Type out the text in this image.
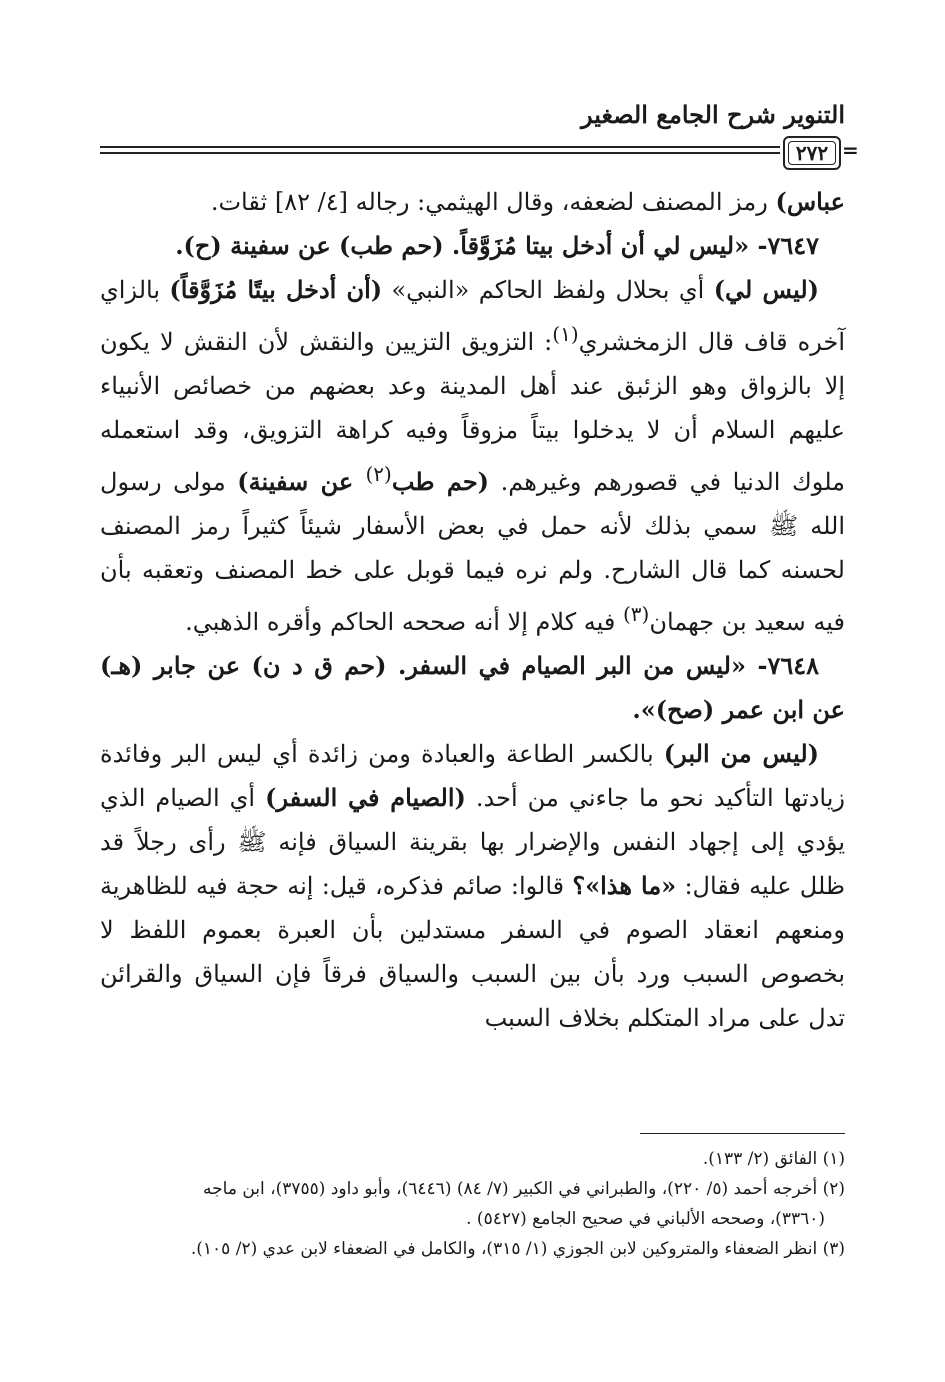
التنوير شرح الجامع الصغير
٢٧٢ =

عباس) رمز المصنف لضعفه، وقال الهيثمي: رجاله [٤/ ٨٢] ثقات.

٧٦٤٧- «ليس لي أن أدخل بيتا مُزَوَّقاً. (حم طب) عن سفينة (ح).

(ليس لي) أي بحلال ولفظ الحاكم «النبي» (أن أدخل بيتًا مُزَوَّقاً) بالزاي آخره قاف قال الزمخشري$^{(١)}$: التزويق التزيين والنقش لأن النقش لا يكون إلا بالزواق وهو الزئبق عند أهل المدينة وعد بعضهم من خصائص الأنبياء عليهم السلام أن لا يدخلوا بيتاً مزوقاً وفيه كراهة التزويق، وقد استعمله ملوك الدنيا في قصورهم وغيرهم. (حم طب$^{(٢)}$ عن سفينة) مولى رسول الله ﷺ سمي بذلك لأنه حمل في بعض الأسفار شيئاً كثيراً رمز المصنف لحسنه كما قال الشارح. ولم نره فيما قوبل على خط المصنف وتعقبه بأن فيه سعيد بن جهمان$^{(٣)}$ فيه كلام إلا أنه صححه الحاكم وأقره الذهبي.

٧٦٤٨- «ليس من البر الصيام في السفر. (حم ق د ن) عن جابر (هـ) عن ابن عمر (صح)».

(ليس من البر) بالكسر الطاعة والعبادة ومن زائدة أي ليس البر وفائدة زيادتها التأكيد نحو ما جاءني من أحد. (الصيام في السفر) أي الصيام الذي يؤدي إلى إجهاد النفس والإضرار بها بقرينة السياق فإنه ﷺ رأى رجلاً قد ظلل عليه فقال: «ما هذا»؟ قالوا: صائم فذكره، قيل: إنه حجة فيه للظاهرية ومنعهم انعقاد الصوم في السفر مستدلين بأن العبرة بعموم اللفظ لا بخصوص السبب ورد بأن بين السبب والسياق فرقاً فإن السياق والقرائن تدل على مراد المتكلم بخلاف السبب

(١) الفائق (٢/ ١٣٣).

(٢) أخرجه أحمد (٥/ ٢٢٠)، والطبراني في الكبير (٧/ ٨٤) (٦٤٤٦)، وأبو داود (٣٧٥٥)، ابن ماجه

(٣٣٦٠)، وصححه الألباني في صحيح الجامع (٥٤٢٧) .

(٣) انظر الضعفاء والمتروكين لابن الجوزي (١/ ٣١٥)، والكامل في الضعفاء لابن عدي (٢/ ١٠٥).
